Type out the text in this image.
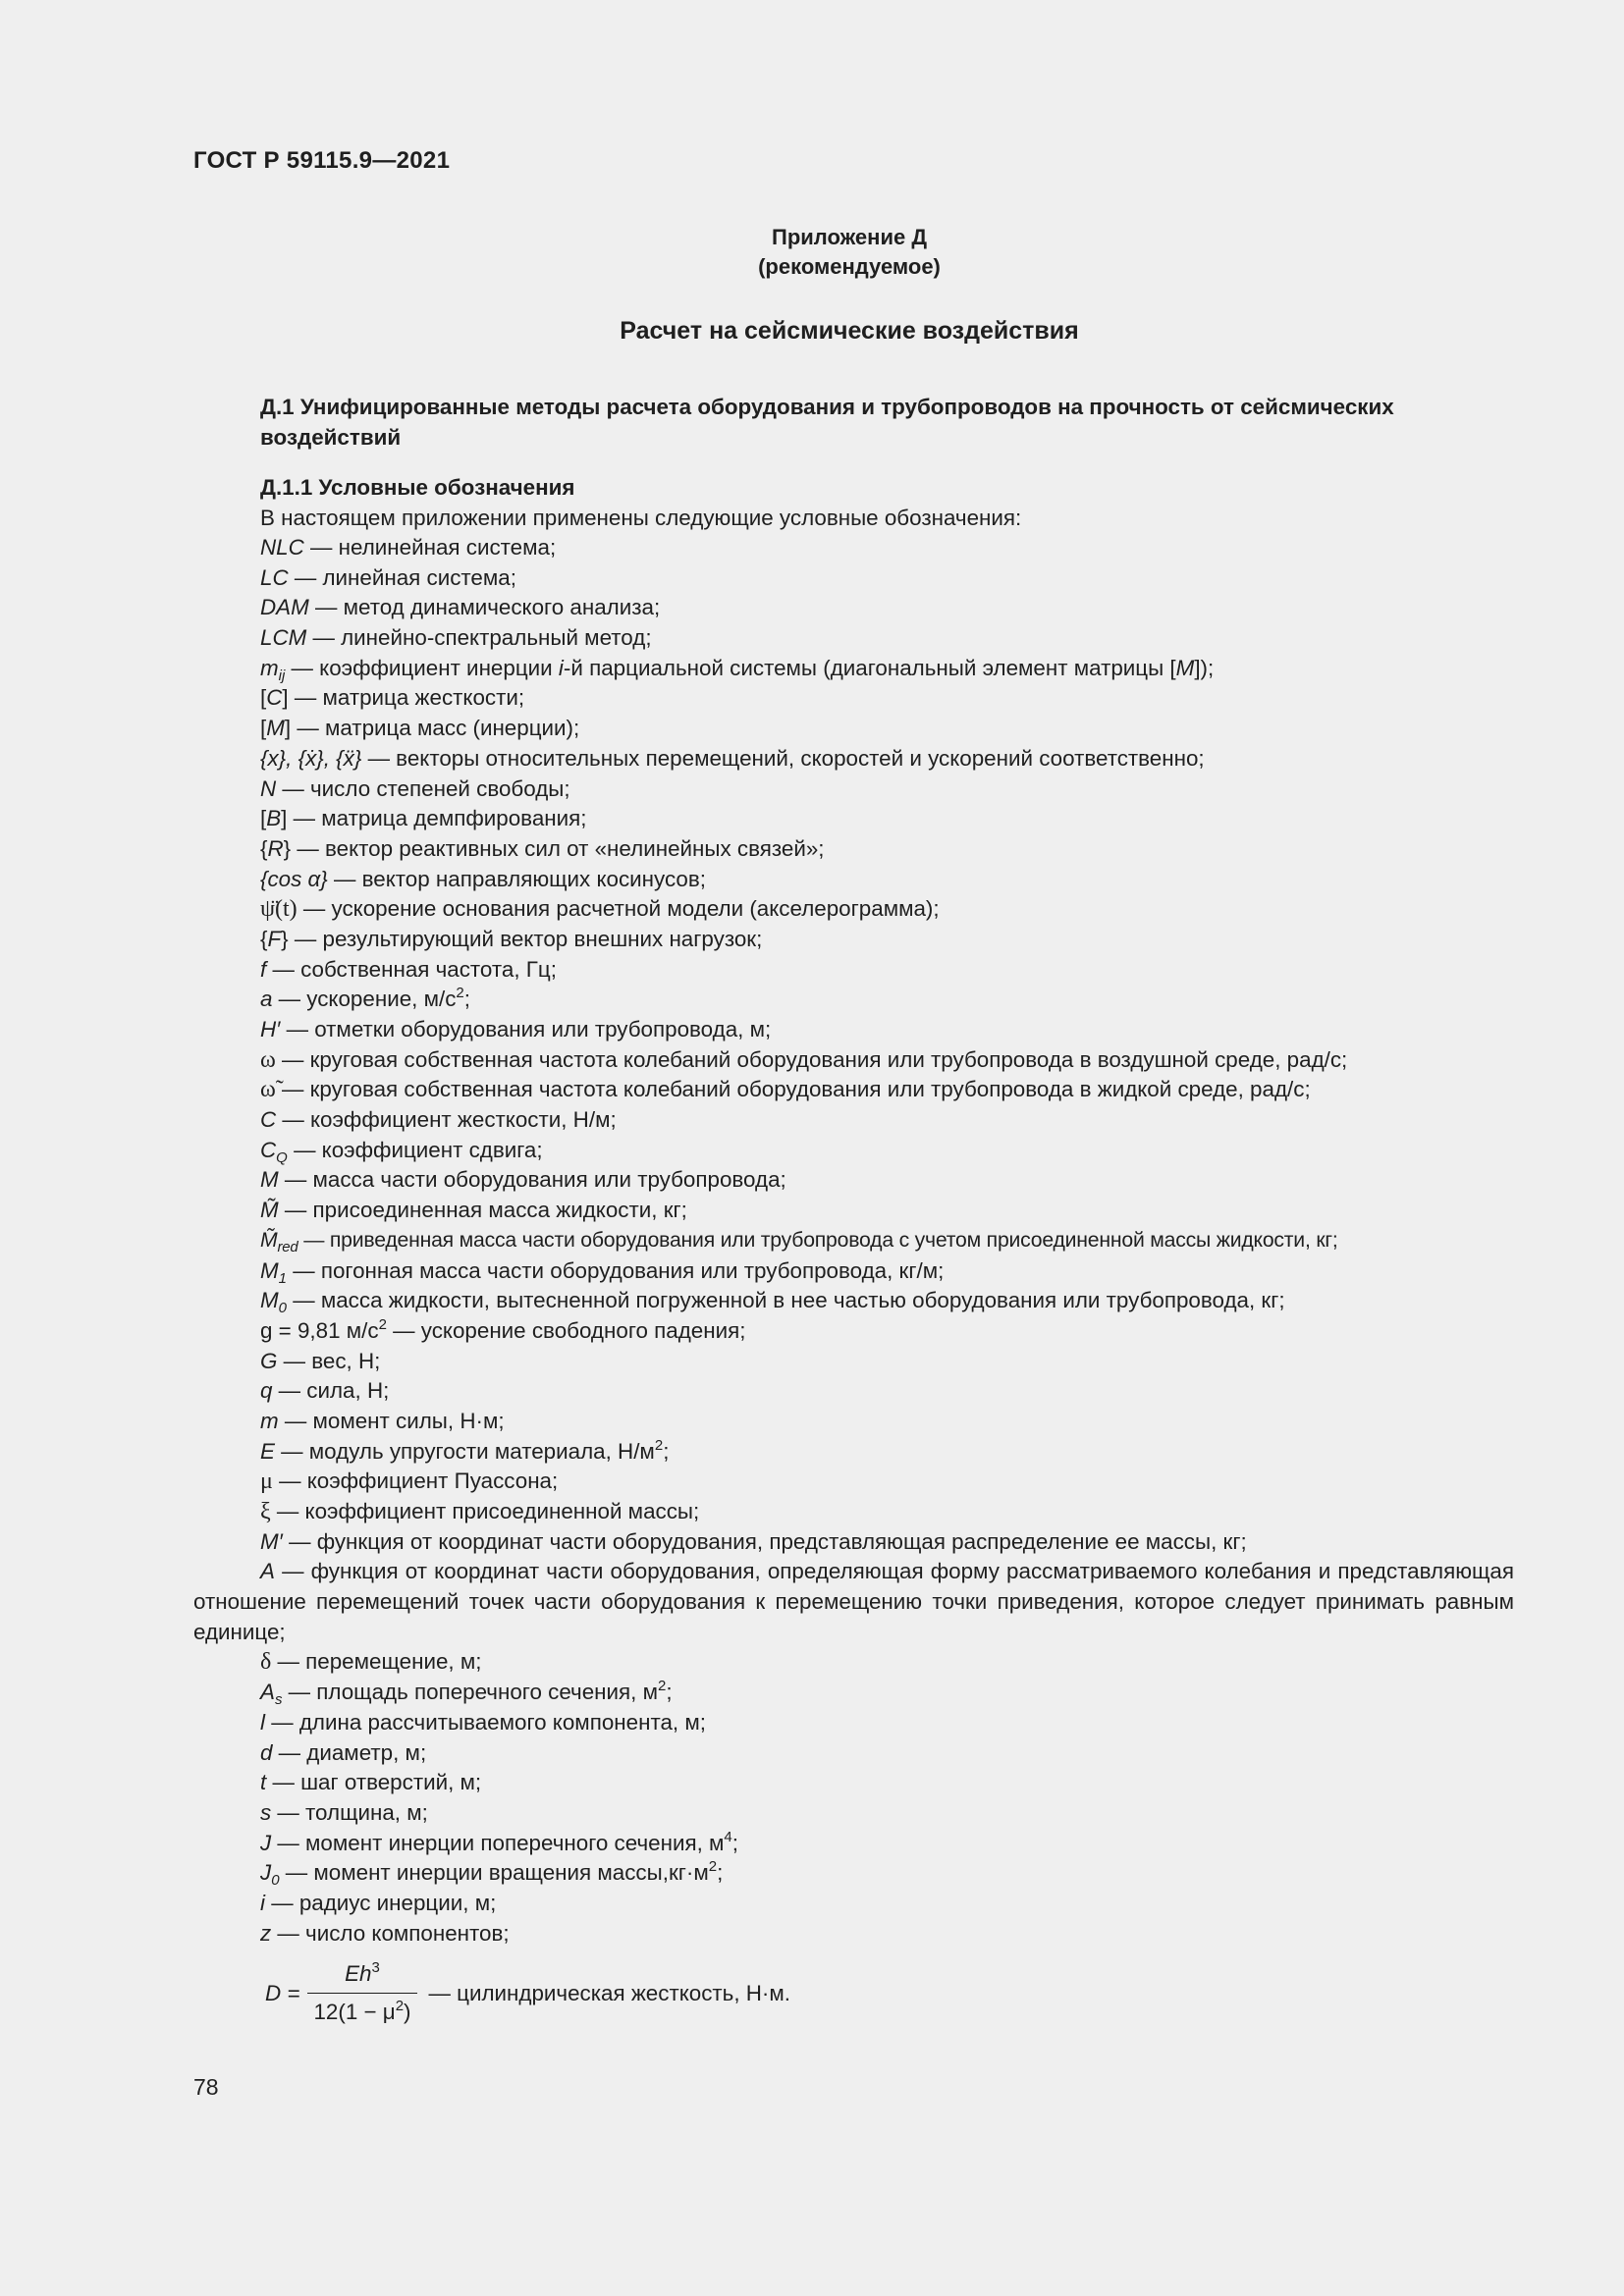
ГОСТ Р 59115.9—2021
Приложение Д
(рекомендуемое)
Расчет на сейсмические воздействия
Д.1 Унифицированные методы расчета оборудования и трубопроводов на прочность от сейсмических воздействий
Д.1.1 Условные обозначения
В настоящем приложении применены следующие условные обозначения:
NLC — нелинейная система;
LC — линейная система;
DAM — метод динамического анализа;
LCM — линейно-спектральный метод;
$m_{ij}$ — коэффициент инерции i-й парциальной системы (диагональный элемент матрицы [M]);
[C] — матрица жесткости;
[M] — матрица масс (инерции);
{x}, {ẋ}, {ẍ} — векторы относительных перемещений, скоростей и ускорений соответственно;
N — число степеней свободы;
[B] — матрица демпфирования;
{R} — вектор реактивных сил от «нелинейных связей»;
{cos α} — вектор направляющих косинусов;
ψ̈(t) — ускорение основания расчетной модели (акселерограмма);
{F} — результирующий вектор внешних нагрузок;
f — собственная частота, Гц;
a — ускорение, $м/с^2$;
H′ — отметки оборудования или трубопровода, м;
ω — круговая собственная частота колебаний оборудования или трубопровода в воздушной среде, рад/с;
ω̃ — круговая собственная частота колебаний оборудования или трубопровода в жидкой среде, рад/с;
C — коэффициент жесткости, Н/м;
$C_Q$ — коэффициент сдвига;
M — масса части оборудования или трубопровода;
M̃ — присоединенная масса жидкости, кг;
$M̃_{red}$ — приведенная масса части оборудования или трубопровода с учетом присоединенной массы жидкости, кг;
$M_1$ — погонная масса части оборудования или трубопровода, кг/м;
$M_0$ — масса жидкости, вытесненной погруженной в нее частью оборудования или трубопровода, кг;
g = 9,81 $м/с^2$ — ускорение свободного падения;
G — вес, Н;
q — сила, Н;
m — момент силы, Н·м;
E — модуль упругости материала, $Н/м^2$;
μ — коэффициент Пуассона;
ξ — коэффициент присоединенной массы;
M′ — функция от координат части оборудования, представляющая распределение ее массы, кг;
A — функция от координат части оборудования, определяющая форму рассматриваемого колебания и представляющая отношение перемещений точек части оборудования к перемещению точки приведения, которое следует принимать равным единице;
δ — перемещение, м;
$A_s$ — площадь поперечного сечения, $м^2$;
l — длина рассчитываемого компонента, м;
d — диаметр, м;
t — шаг отверстий, м;
s — толщина, м;
J — момент инерции поперечного сечения, $м^4$;
$J_0$ — момент инерции вращения $массы,кг\cdot м^2$;
i — радиус инерции, м;
z — число компонентов;
$D = \frac{Eh^3}{12(1 - \mu^2)}$ — цилиндрическая жесткость, Н·м.
78
